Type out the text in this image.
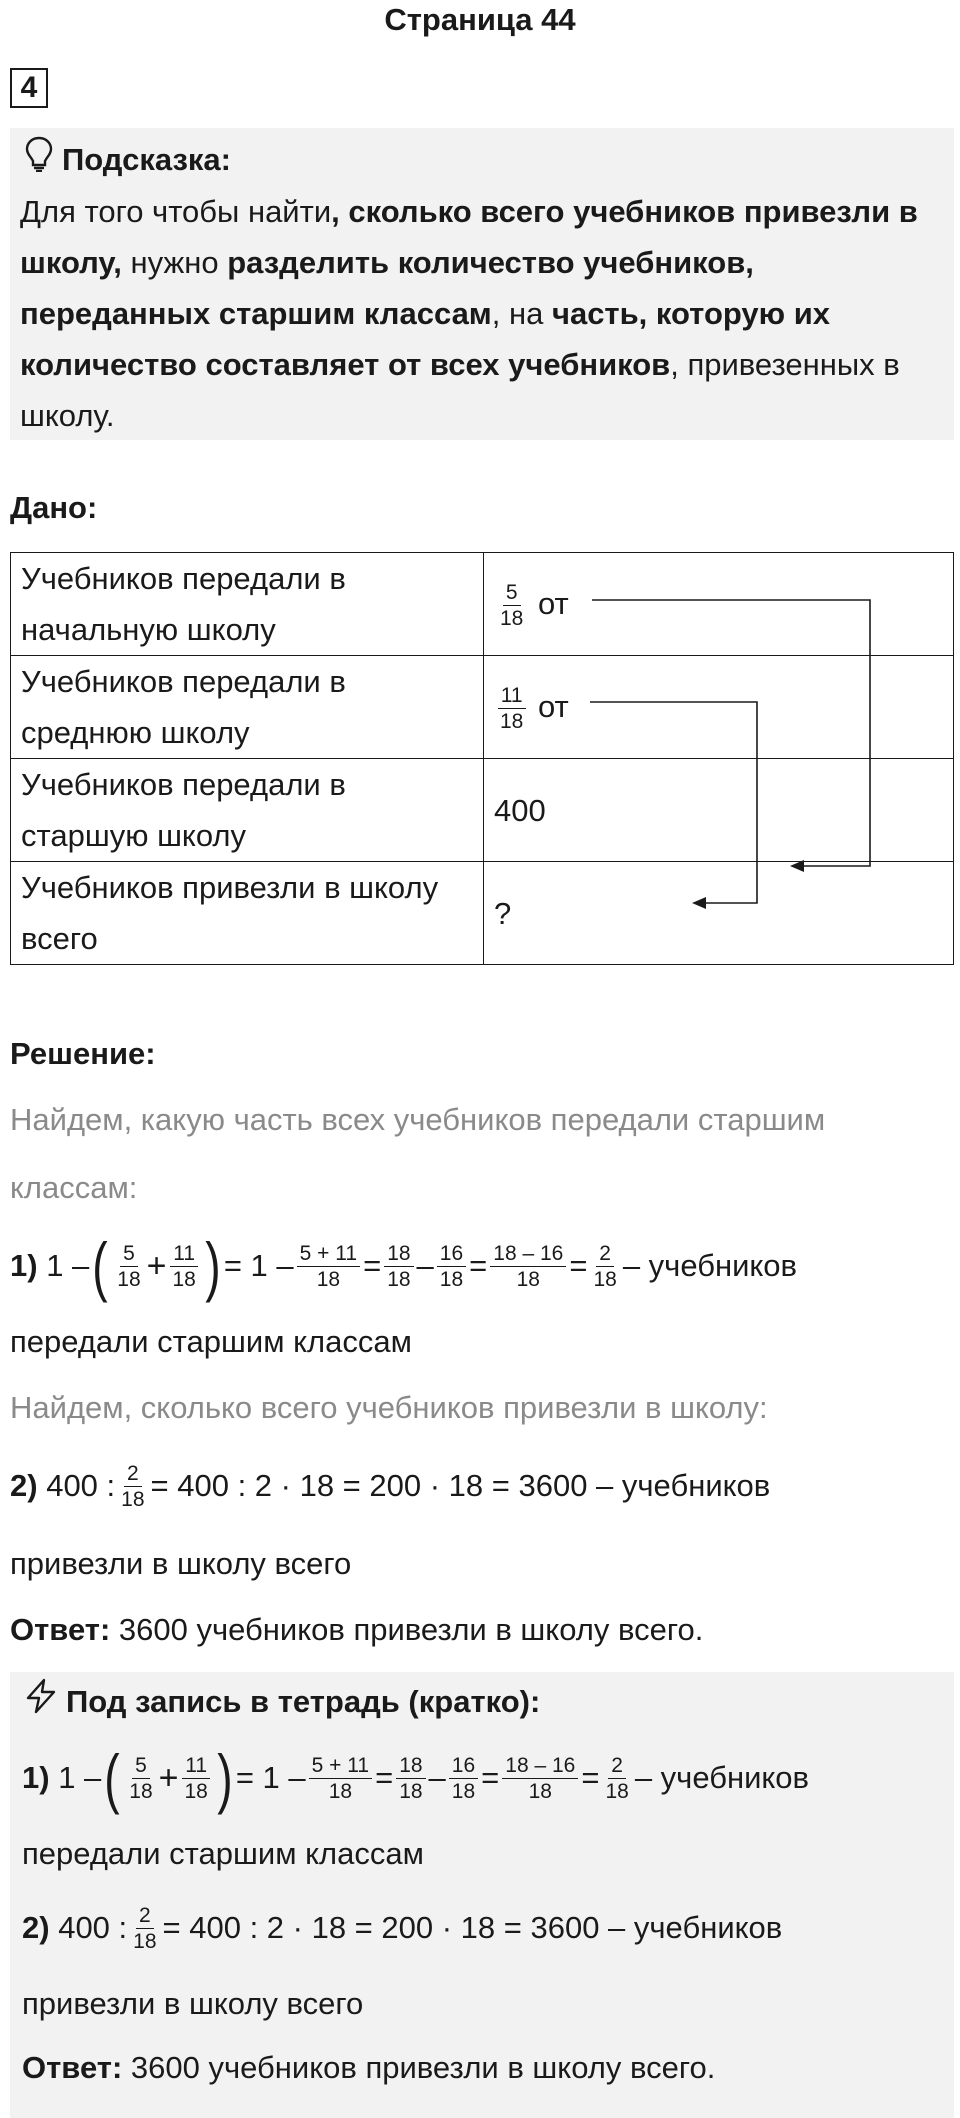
Страница 44
4
Подсказка:
Для того чтобы найти, сколько всего учебников привезли в школу, нужно разделить количество учебников, переданных старшим классам, на часть, которую их количество составляет от всех учебников, привезенных в школу.
Дано:
Учебников передали в начальную школу	$\frac{5}{18}$ от
Учебников передали в среднюю школу	$\frac{11}{18}$ от
Учебников передали в старшую школу	400
Учебников привезли в школу всего	?
Решение:
Найдем, какую часть всех учебников передали старшим
классам:
1) 1 – ( $\frac{5}{18} + \frac{11}{18}$ ) = $1 - \frac{5 + 11}{18} = \frac{18}{18} - \frac{16}{18} = \frac{18 - 16}{18} = \frac{2}{18}$ – учебников
передали старшим классам
Найдем, сколько всего учебников привезли в школу:
2)
400 : $\frac{2}{18} = 400$ : 2 · 18 = 200 · 18 = 3600 – учебников
привезли в школу всего
Ответ: 3600 учебников привезли в школу всего.
Под запись в тетрадь (кратко):
1) 1 – ( $\frac{5}{18} + \frac{11}{18}$ ) = $1 - \frac{5 + 11}{18} = \frac{18}{18} - \frac{16}{18} = \frac{18 - 16}{18} = \frac{2}{18}$ – учебников
передали старшим классам
2)
400 : $\frac{2}{18} = 400$ : 2 · 18 = 200 · 18 = 3600 – учебников
привезли в школу всего
Ответ: 3600 учебников привезли в школу всего.
